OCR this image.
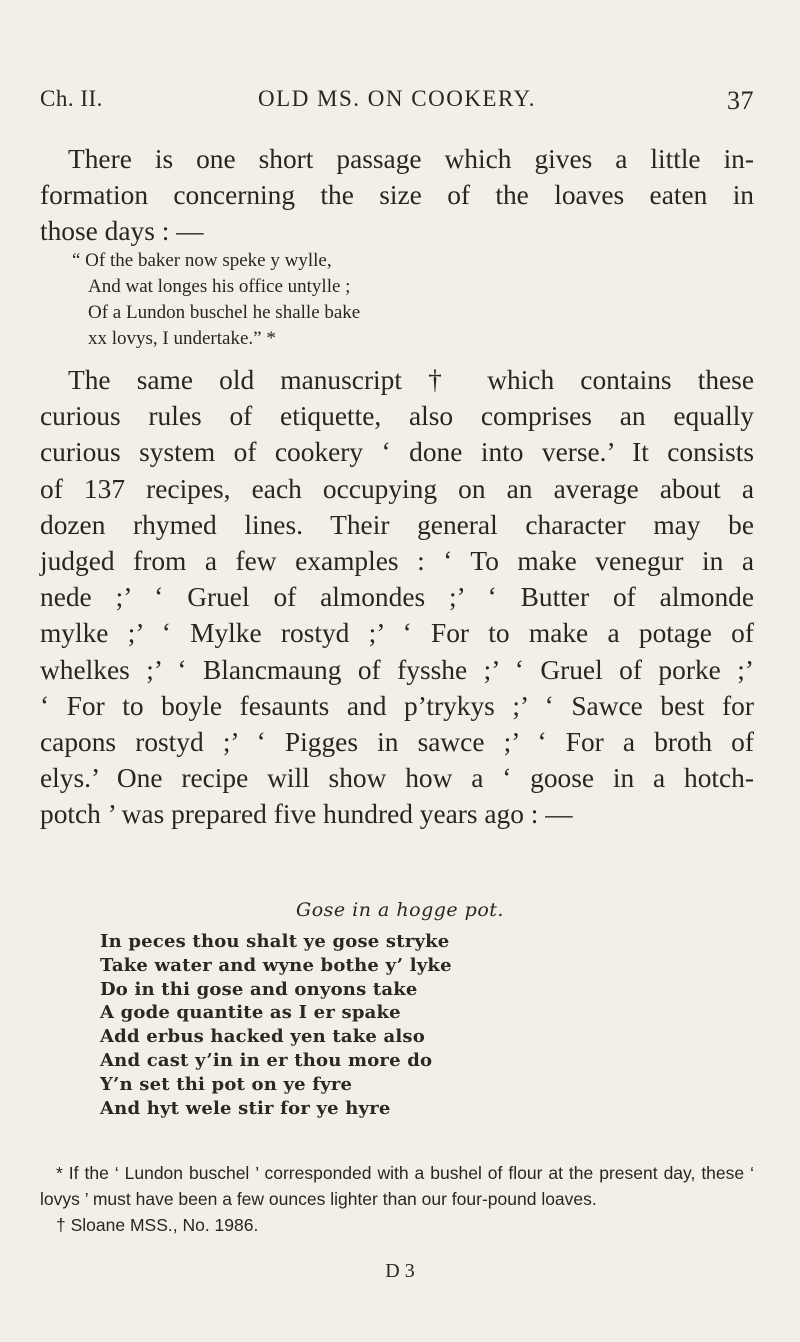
Ch. II.	OLD MS. ON COOKERY.	37

There is one short passage which gives a little in-
formation concerning the size of the loaves eaten in
those days : —

“ Of the baker now speke y wylle,
And wat longes his office untylle ;
Of a Lundon buschel he shalle bake
xx lovys, I undertake.” *

The same old manuscript † which contains these
curious rules of etiquette, also comprises an equally
curious system of cookery ‘ done into verse.’ It consists
of 137 recipes, each occupying on an average about a
dozen rhymed lines. Their general character may be
judged from a few examples : ‘ To make venegur in a
nede ;’ ‘ Gruel of almondes ;’ ‘ Butter of almonde
mylke ;’ ‘ Mylke rostyd ;’ ‘ For to make a potage of
whelkes ;’ ‘ Blancmaung of fysshe ;’ ‘ Gruel of porke ;’
‘ For to boyle fesaunts and p’trykys ;’ ‘ Sawce best for
capons rostyd ;’ ‘ Pigges in sawce ;’ ‘ For a broth of
elys.’ One recipe will show how a ‘ goose in a hotch-
potch ’ was prepared five hundred years ago : —

Gose in a hogge pot.
In peces thou shalt ye gose stryke
Take water and wyne bothe y’ lyke
Do in thi gose and onyons take
A gode quantite as I er spake
Add erbus hacked yen take also
And cast y’in in er thou more do
Y’n set thi pot on ye fyre
And hyt wele stir for ye hyre

* If the ‘ Lundon buschel ’ corresponded with a bushel of flour at the present day, these ‘ lovys ’ must have been a few ounces lighter than our four-pound loaves.

† Sloane MSS., No. 1986.

D 3
